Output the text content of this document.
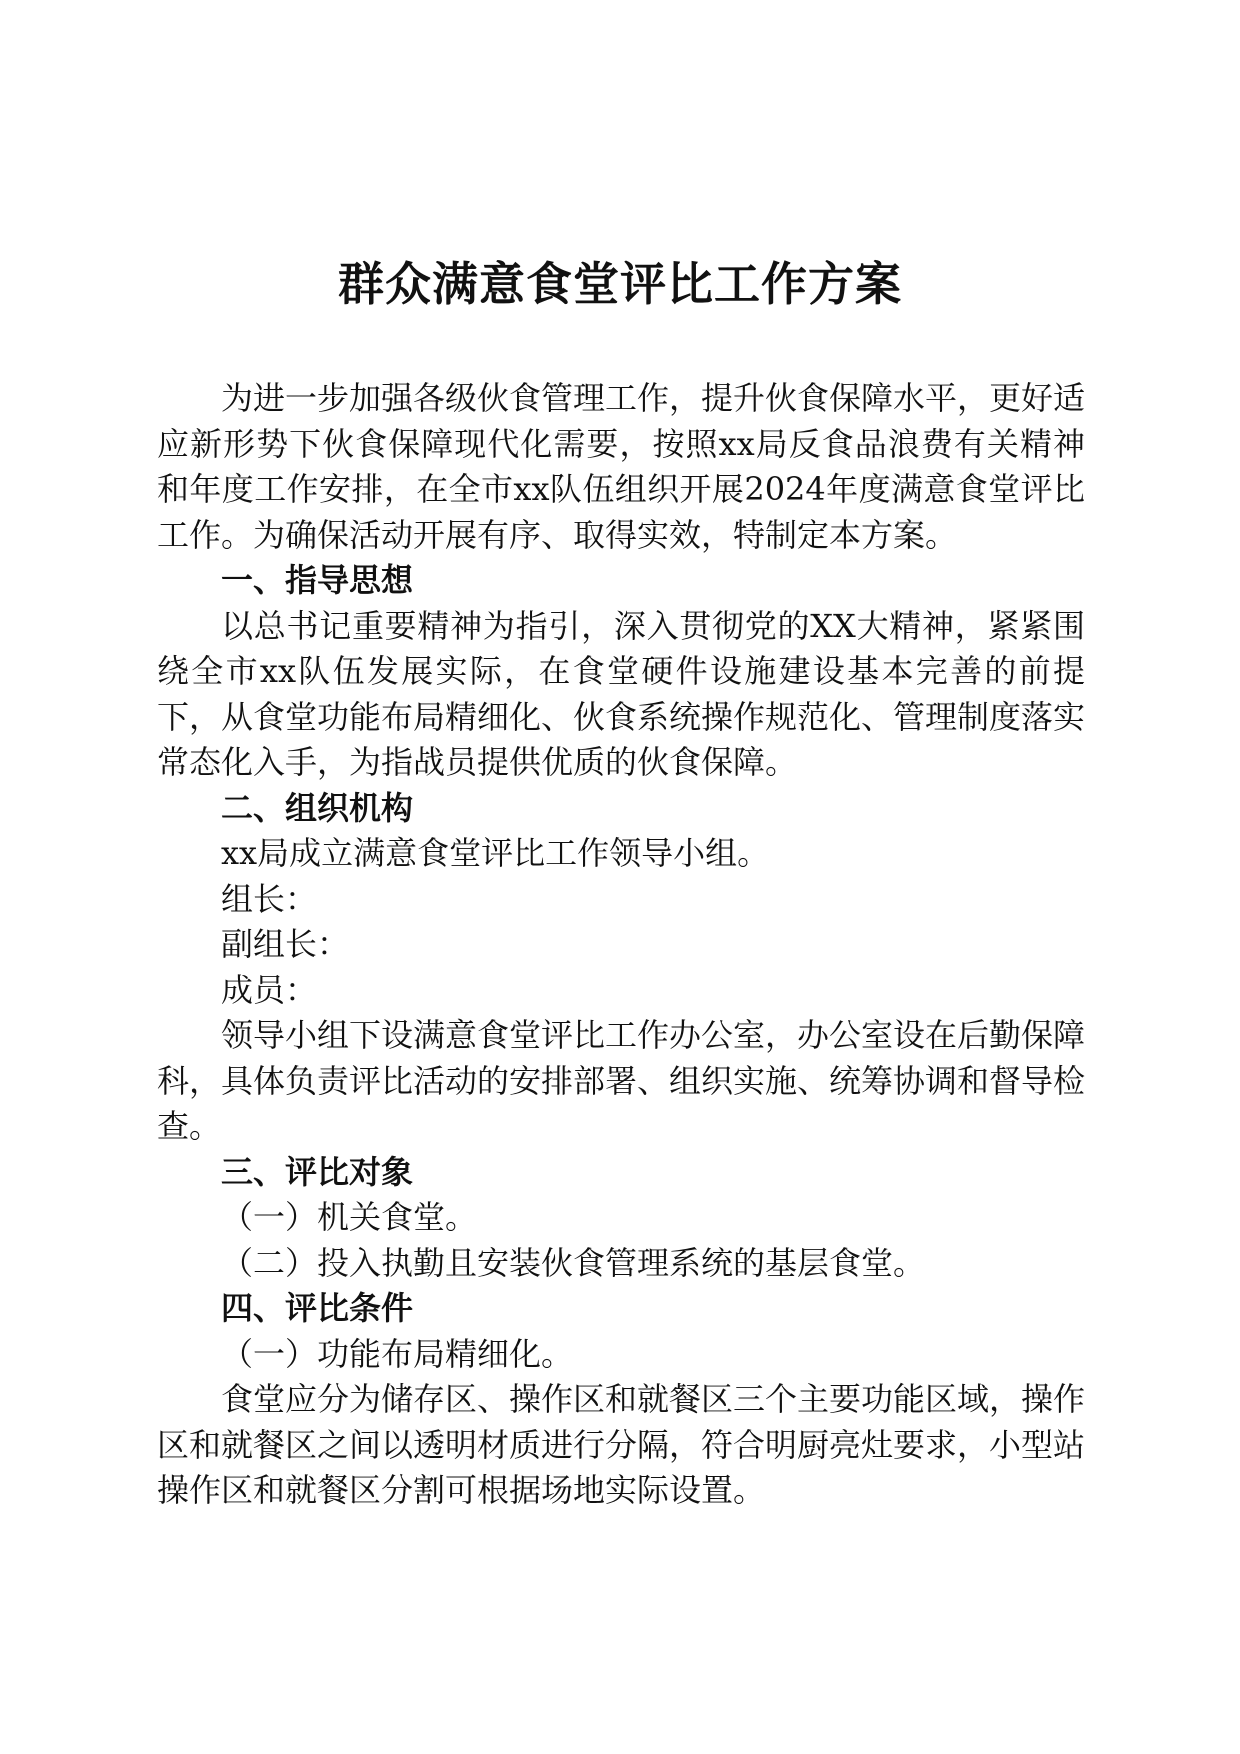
群众满意食堂评比工作方案

为进一步加强各级伙食管理工作，提升伙食保障水平，更好适应新形势下伙食保障现代化需要，按照xx局反食品浪费有关精神和年度工作安排，在全市xx队伍组织开展2024年度满意食堂评比工作。为确保活动开展有序、取得实效，特制定本方案。

一、指导思想

以总书记重要精神为指引，深入贯彻党的XX大精神，紧紧围绕全市xx队伍发展实际，在食堂硬件设施建设基本完善的前提下，从食堂功能布局精细化、伙食系统操作规范化、管理制度落实常态化入手，为指战员提供优质的伙食保障。

二、组织机构

xx局成立满意食堂评比工作领导小组。

组长：

副组长：

成员：

领导小组下设满意食堂评比工作办公室，办公室设在后勤保障科，具体负责评比活动的安排部署、组织实施、统筹协调和督导检查。

三、评比对象

（一）机关食堂。

（二）投入执勤且安装伙食管理系统的基层食堂。

四、评比条件

（一）功能布局精细化。

食堂应分为储存区、操作区和就餐区三个主要功能区域，操作区和就餐区之间以透明材质进行分隔，符合明厨亮灶要求，小型站操作区和就餐区分割可根据场地实际设置。
